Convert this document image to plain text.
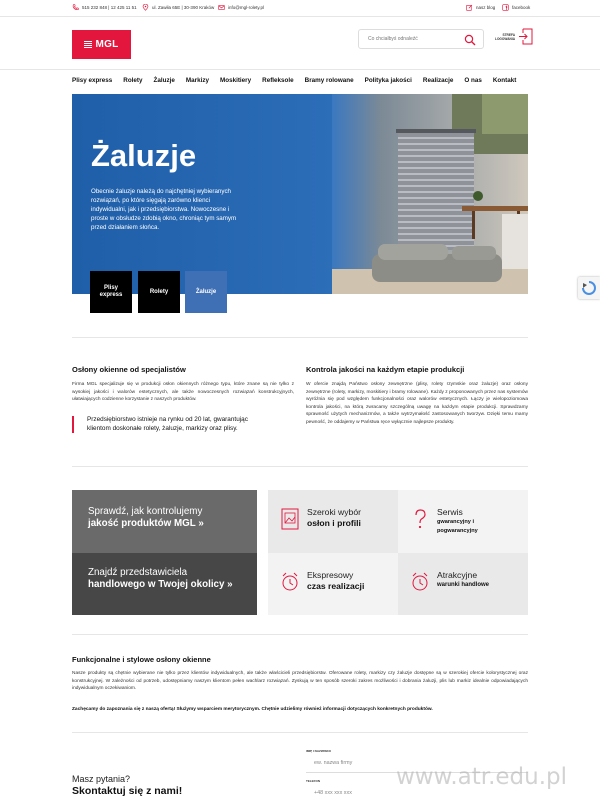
515 232 848 | 12 425 11 51	ul. Zawiła 65E | 30-390 Kraków	info@mgl-rolety.pl	nasz blog	facebook
MGL	Co chciałbyś odnaleźć
STREFA
LOGOWANIA
Plisy express Rolety Żaluzje Markizy Moskitiery Refleksole Bramy rolowane Polityka jakości Realizacje O nas Kontakt
Żaluzje
Obecnie żaluzje należą do najchętniej wybieranych rozwiązań, po które sięgają zarówno klienci indywidualni, jak i przedsiębiorstwa. Nowoczesne i proste w obsłudze zdobią okno, chroniąc tym samym przed działaniem słońca.
Plisy express
Rolety	Żaluzje
Osłony okienne od specjalistów
Firma MGL specjalizuje się w produkcji osłon okiennych różnego typu, które znane są nie tylko z wysokiej jakości i walorów estetycznych, ale także nowoczesnych rozwiązań konstrukcyjnych, ułatwiających codzienne korzystanie z naszych produktów.
Przedsiębiorstwo istnieje na rynku od 20 lat, gwarantując klientom doskonałe rolety, żaluzje, markizy oraz plisy.
Kontrola jakości na każdym etapie produkcji
W ofercie znajdą Państwo osłony zewnętrzne (plisy, rolety rzymskie oraz żaluzje) oraz osłony zewnętrzne (rolety, markizy, moskitiery i bramy rolowane). Każdy z proponowanych przez nas systemów wyróżnia się pod względem funkcjonalności oraz walorów estetycznych. Łączy je wielopoziomowa kontrola jakości, na którą zwracamy szczególną uwagę na każdym etapie produkcji. Sprawdzamy sprawność użytych mechanizmów, a także wytrzymałość zastosowanych tworzyw. Dzięki temu mamy pewność, że oddajemy w Państwa ręce wyłącznie najlepsze produkty.
Sprawdź, jak kontrolujemy
jakość produktów MGL »
Znajdź przedstawiciela
handlowego w Twojej okolicy »
Szeroki wybór
osłon i profili
Serwis
gwarancyjny i
pogwarancyjny
Ekspresowy
czas realizacji
Atrakcyjne
warunki handlowe
Funkcjonalne i stylowe osłony okienne
Nasze produkty są chętnie wybierane nie tylko przez klientów indywidualnych, ale także właścicieli przedsiębiorstw. Oferowane rolety, markizy czy żaluzje dostępne są w szerokiej ofercie kolorystycznej oraz konstrukcyjnej. W zależności od potrzeb, udostępniamy naszym klientom pełen wachlarz rozwiązań. Zyskują w ten sposób szeroki zakres możliwości i dobrania żaluzji, plis lub markiz idealnie odpowiadających indywidualnym oczekiwaniom.
Zachęcamy do zapoznania się z naszą ofertą! Służymy wsparciem merytorycznym. Chętnie udzielimy również informacji dotyczących konkretnych produktów.
Masz pytania?
Skontaktuj się z nami!
IMIĘ I NAZWISKO
ew. nazwa firmy
TELEFON
+48 xxx xxx xxx
www.atr.edu.pl
